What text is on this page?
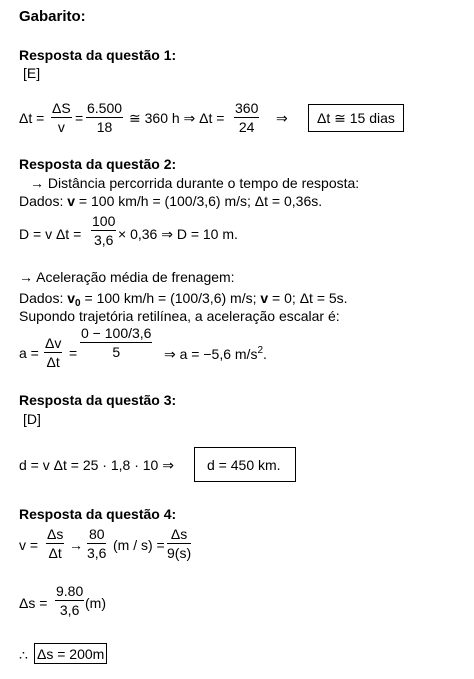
Gabarito:
Resposta da questão 1:
[E]
Δt =
ΔS
v
=
6.500
18
≅ 360 h ⇒ Δt =
360
24
⇒	Δt ≅ 15 dias
Resposta da questão 2:
→ Distância percorrida durante o tempo de resposta:
Dados: v = 100 km/h = (100/3,6) m/s; Δt = 0,36s.
D = v Δt =
100
3,6 × 0,36 ⇒ D = 10 m.
→ Aceleração média de frenagem:
Dados: $v_0 = 100$ km/h = (100/3,6) m/s; v = 0; Δt = 5s.
Supondo trajetória retilínea, a aceleração escalar é:
a =
Δv
Δt
=
0 − 100/3,6
5	⇒ a = −5,6 $m/s^2$.
Resposta da questão 3:
[D]
d = v Δt = 25 · 1,8 · 10 ⇒	d = 450 km.
Resposta da questão 4:
v =
Δs
Δt →
80
3,6 (m / s) =
Δs
9(s)
Δs =
9.80
3,6 (m)
∴ Δs = 200m
